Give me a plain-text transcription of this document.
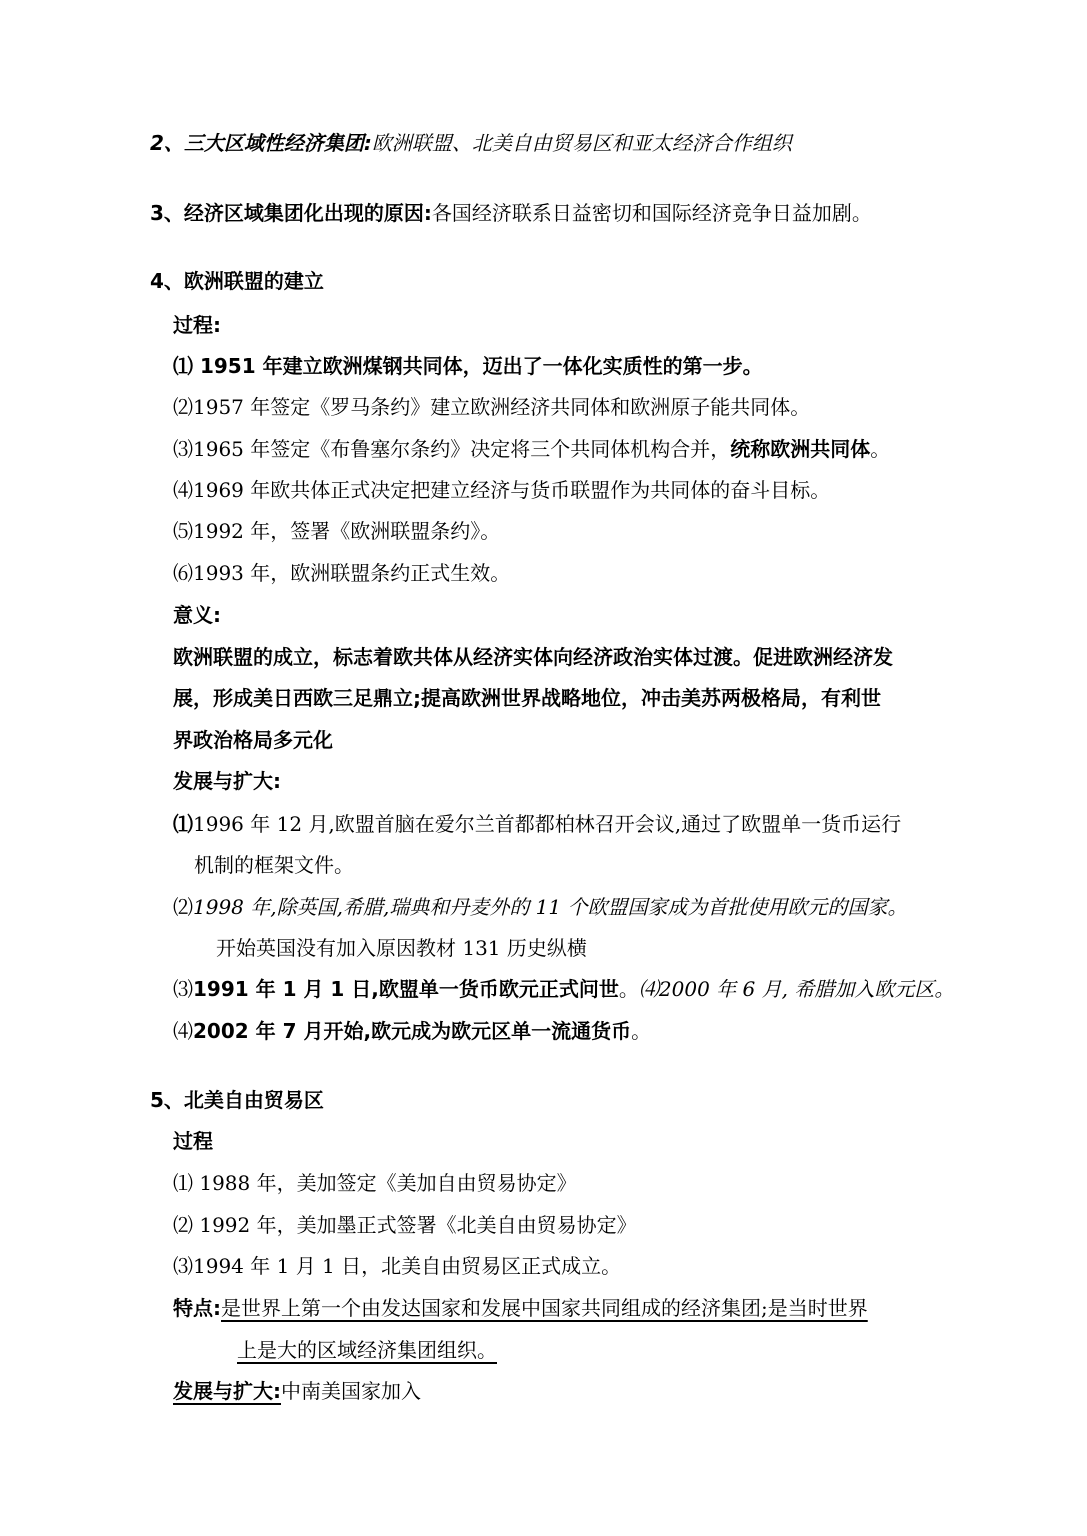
2、三大区域性经济集团:欧洲联盟、北美自由贸易区和亚太经济合作组织
3、经济区域集团化出现的原因:各国经济联系日益密切和国际经济竞争日益加剧。
4、欧洲联盟的建立
过程:
⑴ 1951 年建立欧洲煤钢共同体，迈出了一体化实质性的第一步。
⑵1957 年签定《罗马条约》建立欧洲经济共同体和欧洲原子能共同体。
⑶1965 年签定《布鲁塞尔条约》决定将三个共同体机构合并，统称欧洲共同体。
⑷1969 年欧共体正式决定把建立经济与货币联盟作为共同体的奋斗目标。
⑸1992 年，签署《欧洲联盟条约》。
⑹1993 年，欧洲联盟条约正式生效。
意义:
欧洲联盟的成立，标志着欧共体从经济实体向经济政治实体过渡。促进欧洲经济发
展，形成美日西欧三足鼎立;提高欧洲世界战略地位，冲击美苏两极格局，有利世
界政治格局多元化
发展与扩大:
⑴1996 年 12 月,欧盟首脑在爱尔兰首都都柏林召开会议,通过了欧盟单一货币运行
机制的框架文件。
⑵1998 年,除英国,希腊,瑞典和丹麦外的 11 个欧盟国家成为首批使用欧元的国家。
开始英国没有加入原因教材 131 历史纵横
⑶1991 年 1 月 1 日,欧盟单一货币欧元正式问世。⑷2000 年 6 月, 希腊加入欧元区。
⑷2002 年 7 月开始,欧元成为欧元区单一流通货币。
5、北美自由贸易区
过程
⑴ 1988 年，美加签定《美加自由贸易协定》
⑵ 1992 年，美加墨正式签署《北美自由贸易协定》
⑶1994 年 1 月 1 日，北美自由贸易区正式成立。
特点:是世界上第一个由发达国家和发展中国家共同组成的经济集团;是当时世界
上是大的区域经济集团组织。
发展与扩大:中南美国家加入
